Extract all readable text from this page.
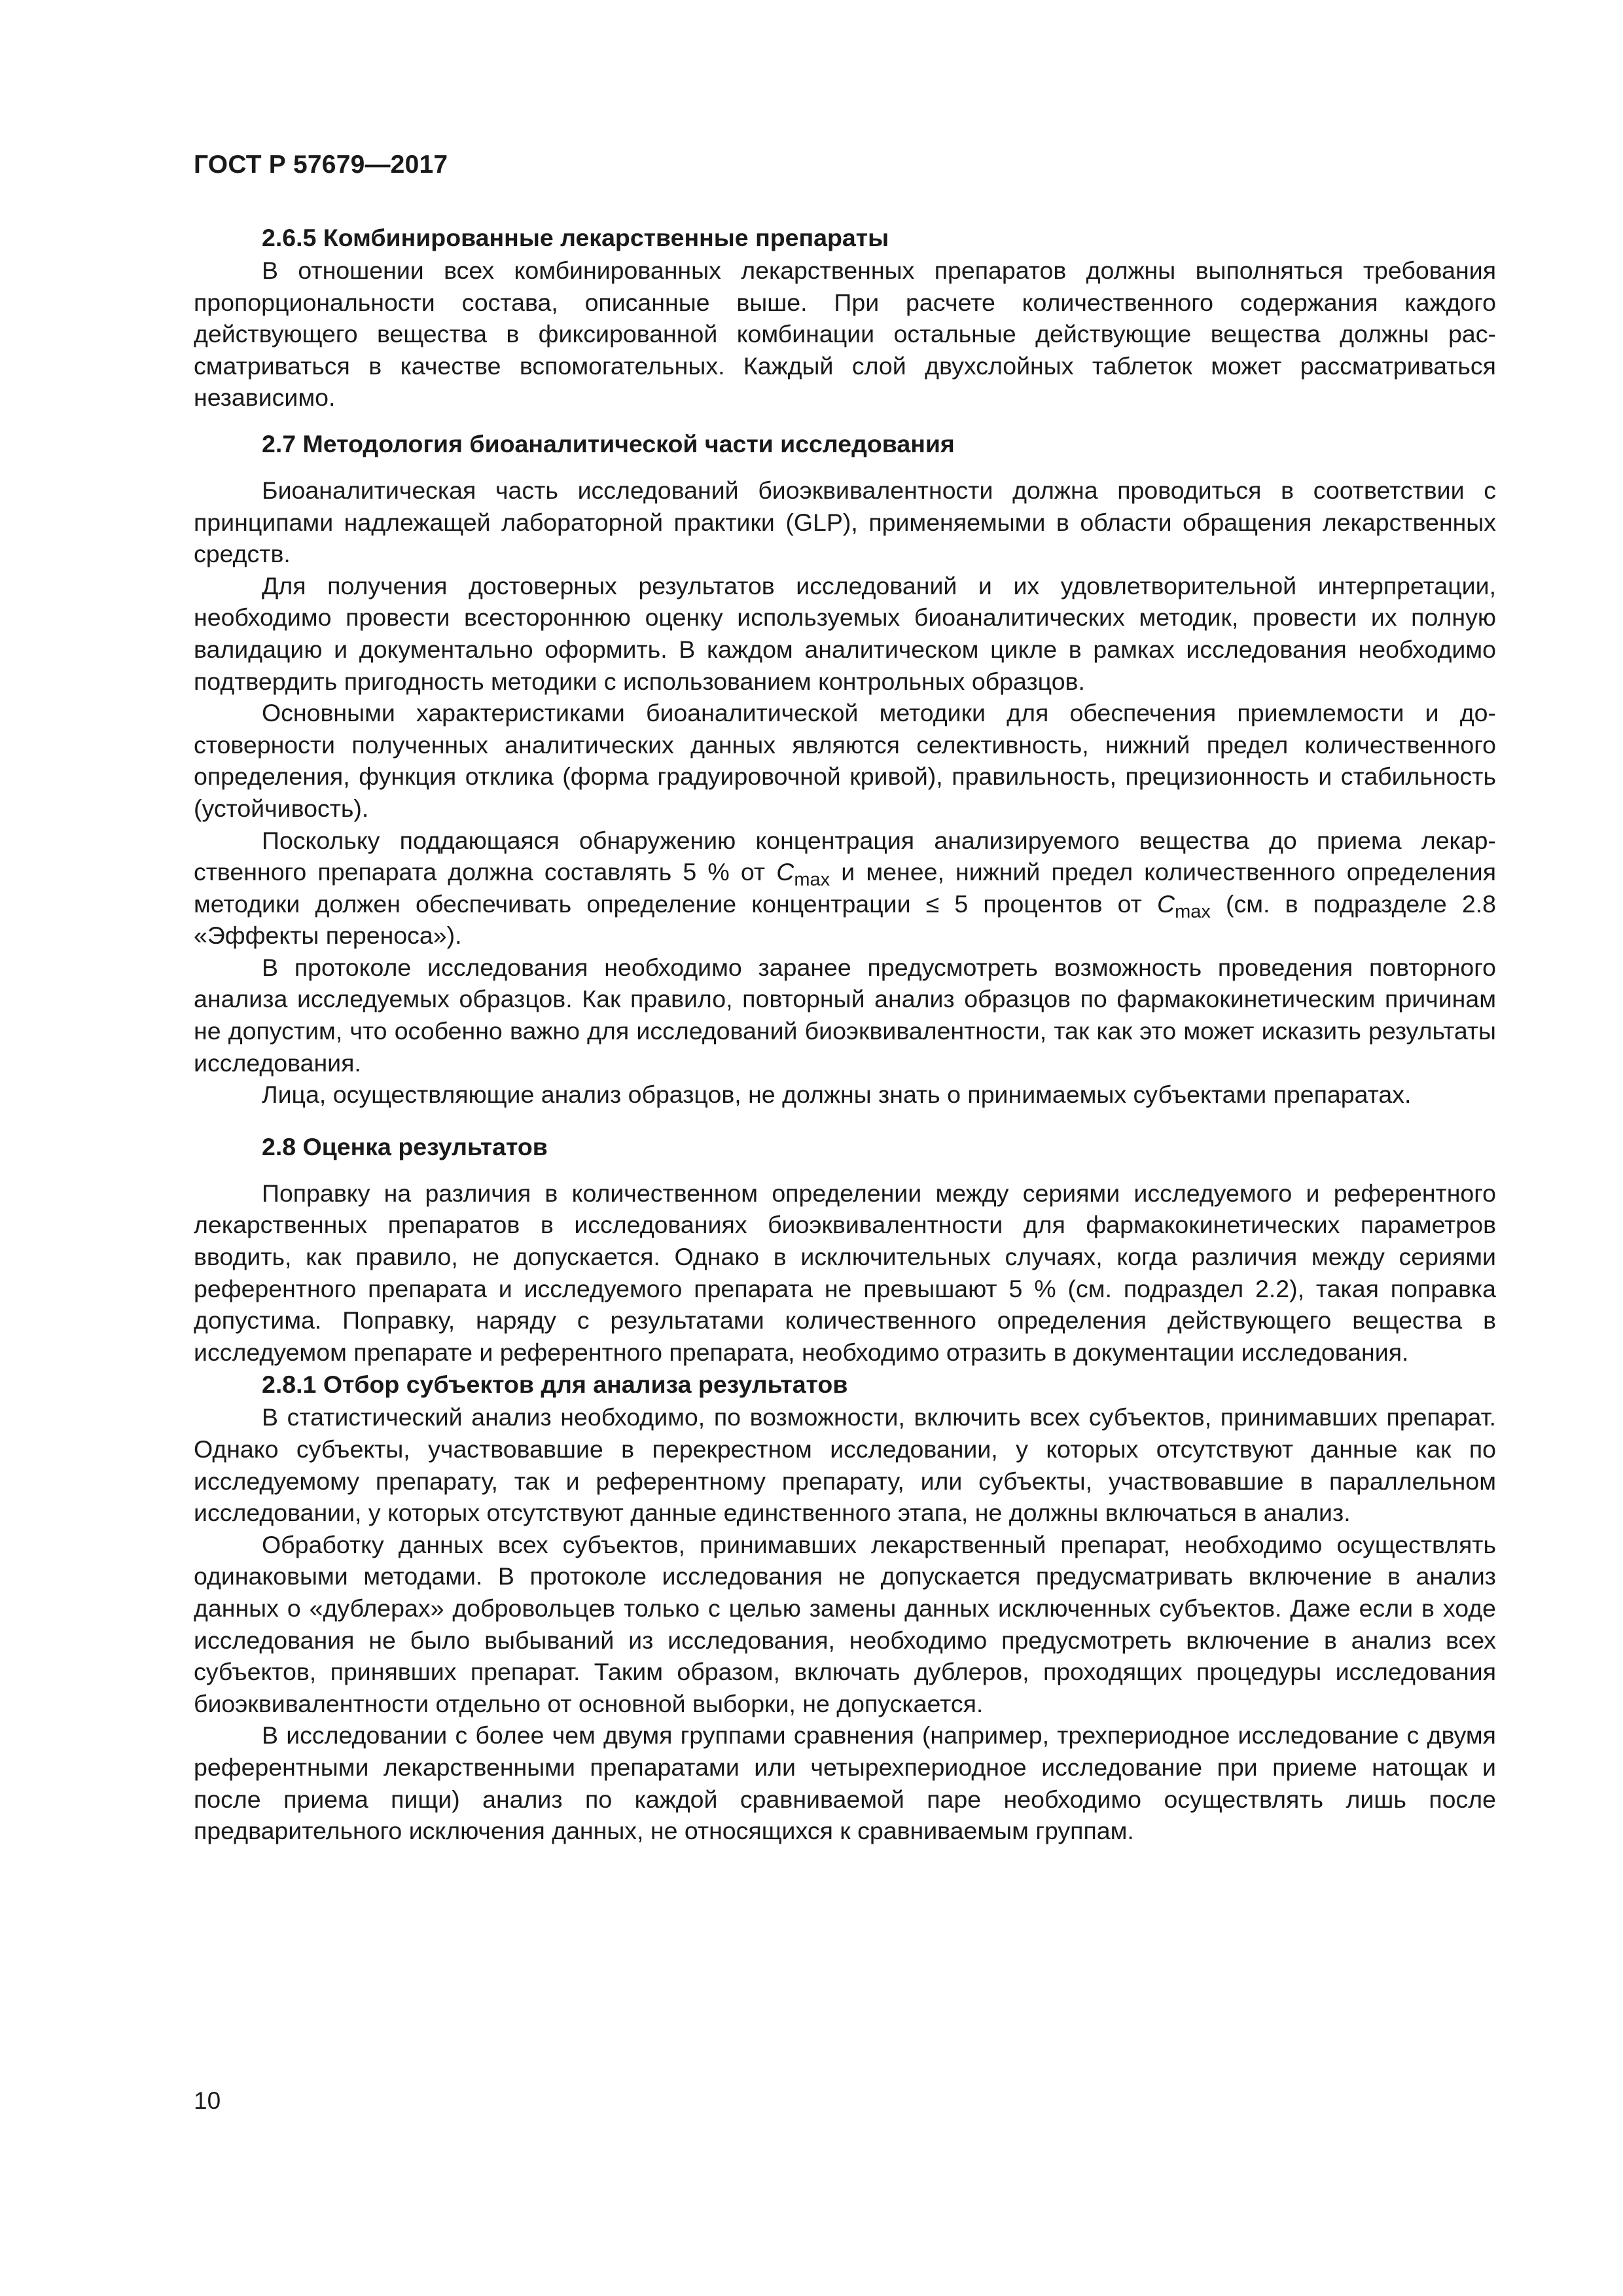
ГОСТ Р 57679—2017

2.6.5 Комбинированные лекарственные препараты

В отношении всех комбинированных лекарственных препаратов должны выполняться требования пропорциональности состава, описанные выше. При расчете количественного содержания каждого действующего вещества в фиксированной комбинации остальные действующие вещества должны рассматриваться в качестве вспомогательных. Каждый слой двухслойных таблеток может рассматриваться независимо.

2.7 Методология биоаналитической части исследования

Биоаналитическая часть исследований биоэквивалентности должна проводиться в соответствии с принципами надлежащей лабораторной практики (GLP), применяемыми в области обращения лекарственных средств.

Для получения достоверных результатов исследований и их удовлетворительной интерпретации, необходимо провести всестороннюю оценку используемых биоаналитических методик, провести их полную валидацию и документально оформить. В каждом аналитическом цикле в рамках исследования необходимо подтвердить пригодность методики с использованием контрольных образцов.

Основными характеристиками биоаналитической методики для обеспечения приемлемости и достоверности полученных аналитических данных являются селективность, нижний предел количественного определения, функция отклика (форма градуировочной кривой), правильность, прецизионность и стабильность (устойчивость).

Поскольку поддающаяся обнаружению концентрация анализируемого вещества до приема лекарственного препарата должна составлять 5 % от $C_{max}$ и менее, нижний предел количественного определения методики должен обеспечивать определение концентрации ≤ 5 процентов от $C_{max}$ (см. в подразделе 2.8 «Эффекты переноса»).

В протоколе исследования необходимо заранее предусмотреть возможность проведения повторного анализа исследуемых образцов. Как правило, повторный анализ образцов по фармакокинетическим причинам не допустим, что особенно важно для исследований биоэквивалентности, так как это может исказить результаты исследования.

Лица, осуществляющие анализ образцов, не должны знать о принимаемых субъектами препаратах.

2.8 Оценка результатов

Поправку на различия в количественном определении между сериями исследуемого и референтного лекарственных препаратов в исследованиях биоэквивалентности для фармакокинетических параметров вводить, как правило, не допускается. Однако в исключительных случаях, когда различия между сериями референтного препарата и исследуемого препарата не превышают 5 % (см. подраздел 2.2), такая поправка допустима. Поправку, наряду с результатами количественного определения действующего вещества в исследуемом препарате и референтного препарата, необходимо отразить в документации исследования.

2.8.1 Отбор субъектов для анализа результатов

В статистический анализ необходимо, по возможности, включить всех субъектов, принимавших препарат. Однако субъекты, участвовавшие в перекрестном исследовании, у которых отсутствуют данные как по исследуемому препарату, так и референтному препарату, или субъекты, участвовавшие в параллельном исследовании, у которых отсутствуют данные единственного этапа, не должны включаться в анализ.

Обработку данных всех субъектов, принимавших лекарственный препарат, необходимо осуществлять одинаковыми методами. В протоколе исследования не допускается предусматривать включение в анализ данных о «дублерах» добровольцев только с целью замены данных исключенных субъектов. Даже если в ходе исследования не было выбываний из исследования, необходимо предусмотреть включение в анализ всех субъектов, принявших препарат. Таким образом, включать дублеров, проходящих процедуры исследования биоэквивалентности отдельно от основной выборки, не допускается.

В исследовании с более чем двумя группами сравнения (например, трехпериодное исследование с двумя референтными лекарственными препаратами или четырехпериодное исследование при приеме натощак и после приема пищи) анализ по каждой сравниваемой паре необходимо осуществлять лишь после предварительного исключения данных, не относящихся к сравниваемым группам.

10
